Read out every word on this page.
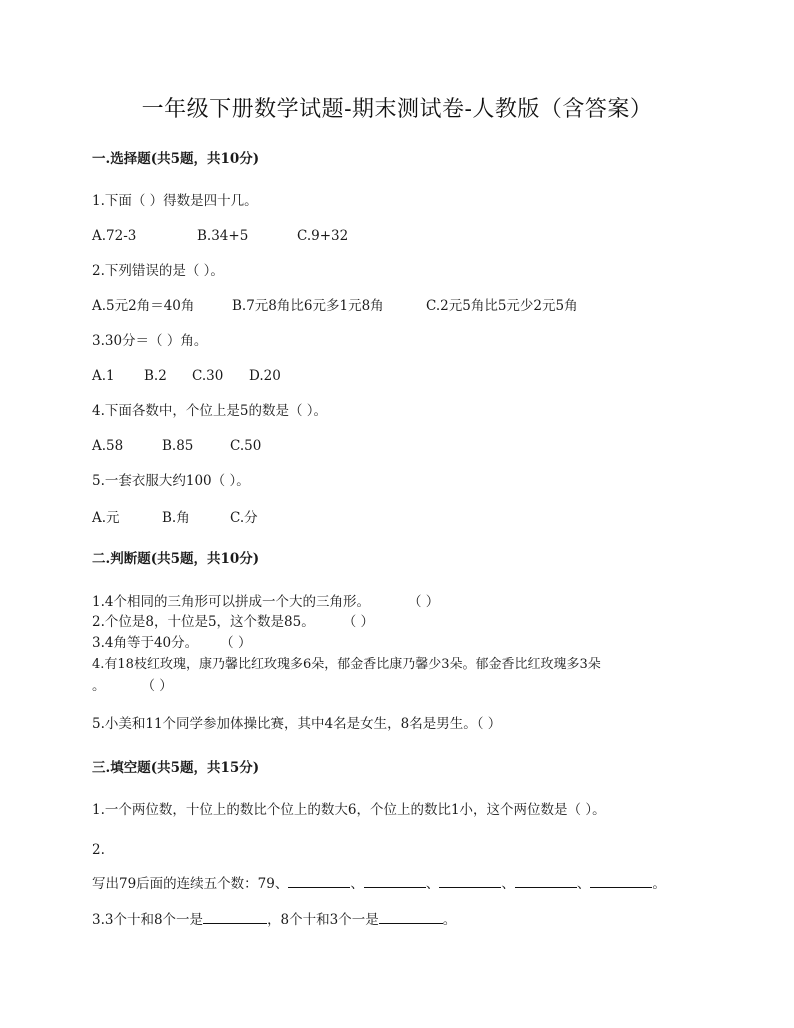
一年级下册数学试题-期末测试卷-人教版（含答案）
一.选择题(共5题，共10分)
1.下面（ ）得数是四十几。
A.72-3	B.34+5	C.9+32
2.下列错误的是（ ）。
A.5元2角＝40角	B.7元8角比6元多1元8角	C.2元5角比5元少2元5角
3.30分＝（ ）角。
A.1 B.2 C.30 D.20
4.下面各数中，个位上是5的数是（ ）。
A.58	B.85	C.50
5.一套衣服大约100（ ）。
A.元	B.角	C.分
二.判断题(共5题，共10分)
1.4个相同的三角形可以拼成一个大的三角形。	（ ）
2.个位是8，十位是5，这个数是85。 （ ）
3.4角等于40分。 （ ）
4.有18枝红玫瑰，康乃馨比红玫瑰多6朵，郁金香比康乃馨少3朵。郁金香比红玫瑰多3朵
。	（ ）
5.小美和11个同学参加体操比赛，其中4名是女生，8名是男生。（ ）
三.填空题(共5题，共15分)
1.一个两位数，十位上的数比个位上的数大6，个位上的数比1小，这个两位数是（ ）。
2.
写出79后面的连续五个数：79、	、	、	、	、	。
3.3个十和8个一是	，8个十和3个一是	。
